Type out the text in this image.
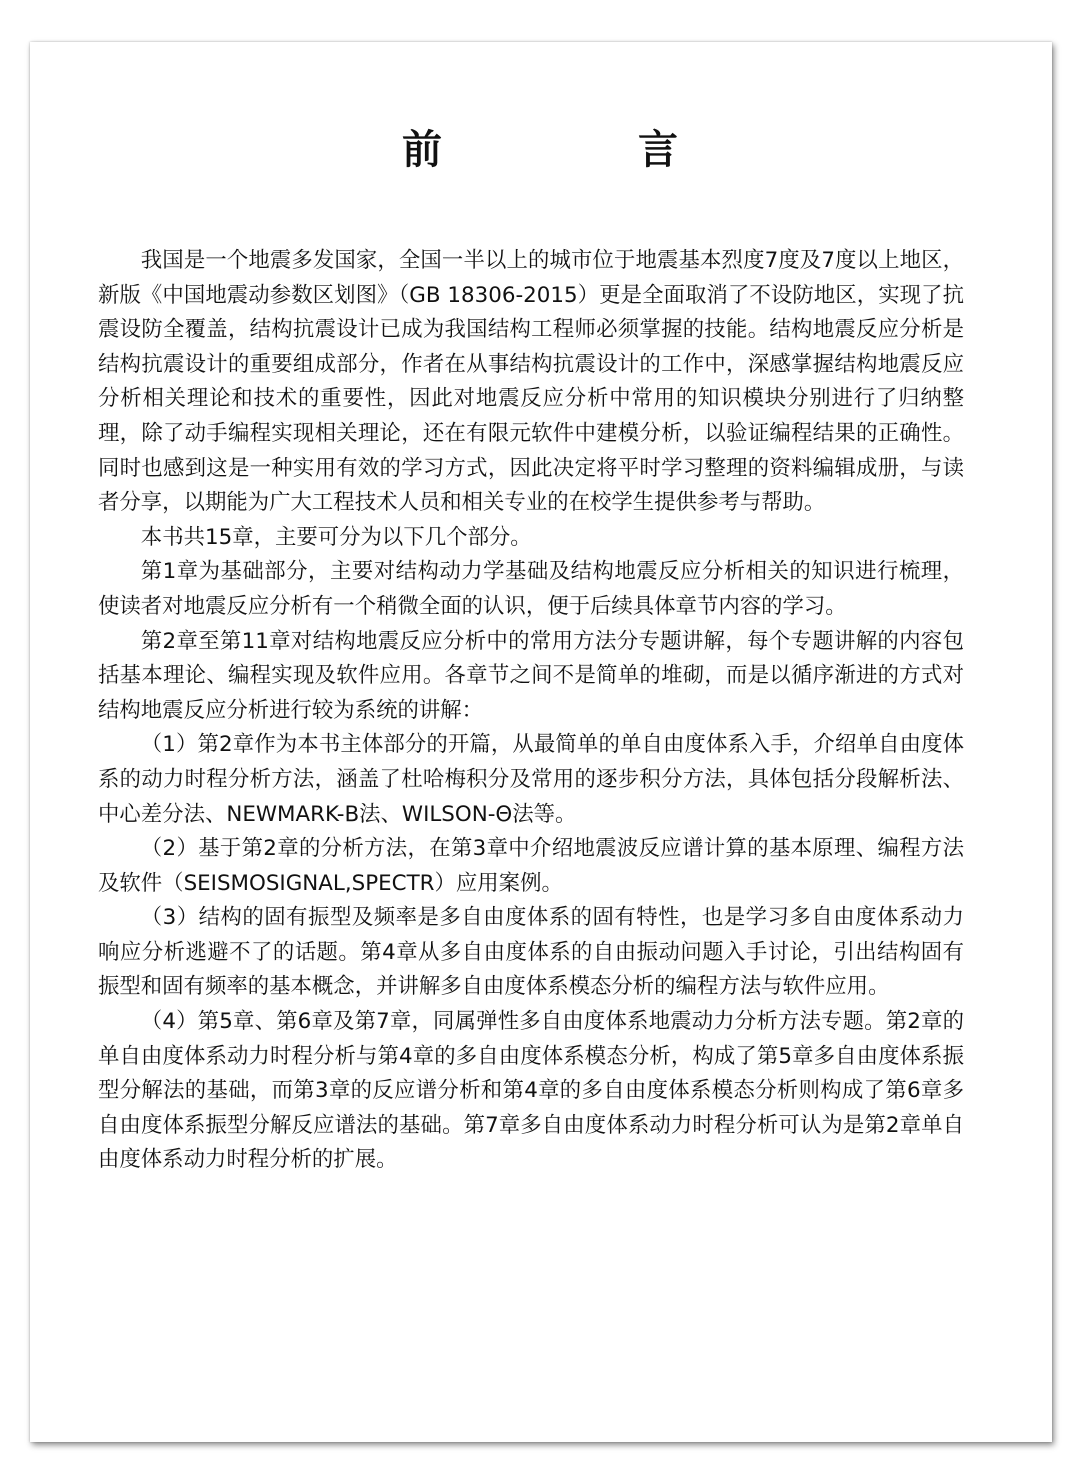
前　言

我国是一个地震多发国家，全国一半以上的城市位于地震基本烈度7度及7度以上地区，新版《中国地震动参数区划图》（GB 18306-2015）更是全面取消了不设防地区，实现了抗震设防全覆盖，结构抗震设计已成为我国结构工程师必须掌握的技能。结构地震反应分析是结构抗震设计的重要组成部分，作者在从事结构抗震设计的工作中，深感掌握结构地震反应分析相关理论和技术的重要性，因此对地震反应分析中常用的知识模块分别进行了归纳整理，除了动手编程实现相关理论，还在有限元软件中建模分析，以验证编程结果的正确性。同时也感到这是一种实用有效的学习方式，因此决定将平时学习整理的资料编辑成册，与读者分享，以期能为广大工程技术人员和相关专业的在校学生提供参考与帮助。

本书共15章，主要可分为以下几个部分。

第1章为基础部分，主要对结构动力学基础及结构地震反应分析相关的知识进行梳理，使读者对地震反应分析有一个稍微全面的认识，便于后续具体章节内容的学习。

第2章至第11章对结构地震反应分析中的常用方法分专题讲解，每个专题讲解的内容包括基本理论、编程实现及软件应用。各章节之间不是简单的堆砌，而是以循序渐进的方式对结构地震反应分析进行较为系统的讲解：

（1）第2章作为本书主体部分的开篇，从最简单的单自由度体系入手，介绍单自由度体系的动力时程分析方法，涵盖了杜哈梅积分及常用的逐步积分方法，具体包括分段解析法、中心差分法、NEWMARK-Β法、WILSON-Θ法等。

（2）基于第2章的分析方法，在第3章中介绍地震波反应谱计算的基本原理、编程方法及软件（SEISMOSIGNAL,SPECTR）应用案例。

（3）结构的固有振型及频率是多自由度体系的固有特性，也是学习多自由度体系动力响应分析逃避不了的话题。第4章从多自由度体系的自由振动问题入手讨论，引出结构固有振型和固有频率的基本概念，并讲解多自由度体系模态分析的编程方法与软件应用。

（4）第5章、第6章及第7章，同属弹性多自由度体系地震动力分析方法专题。第2章的单自由度体系动力时程分析与第4章的多自由度体系模态分析，构成了第5章多自由度体系振型分解法的基础，而第3章的反应谱分析和第4章的多自由度体系模态分析则构成了第6章多自由度体系振型分解反应谱法的基础。第7章多自由度体系动力时程分析可认为是第2章单自由度体系动力时程分析的扩展。
